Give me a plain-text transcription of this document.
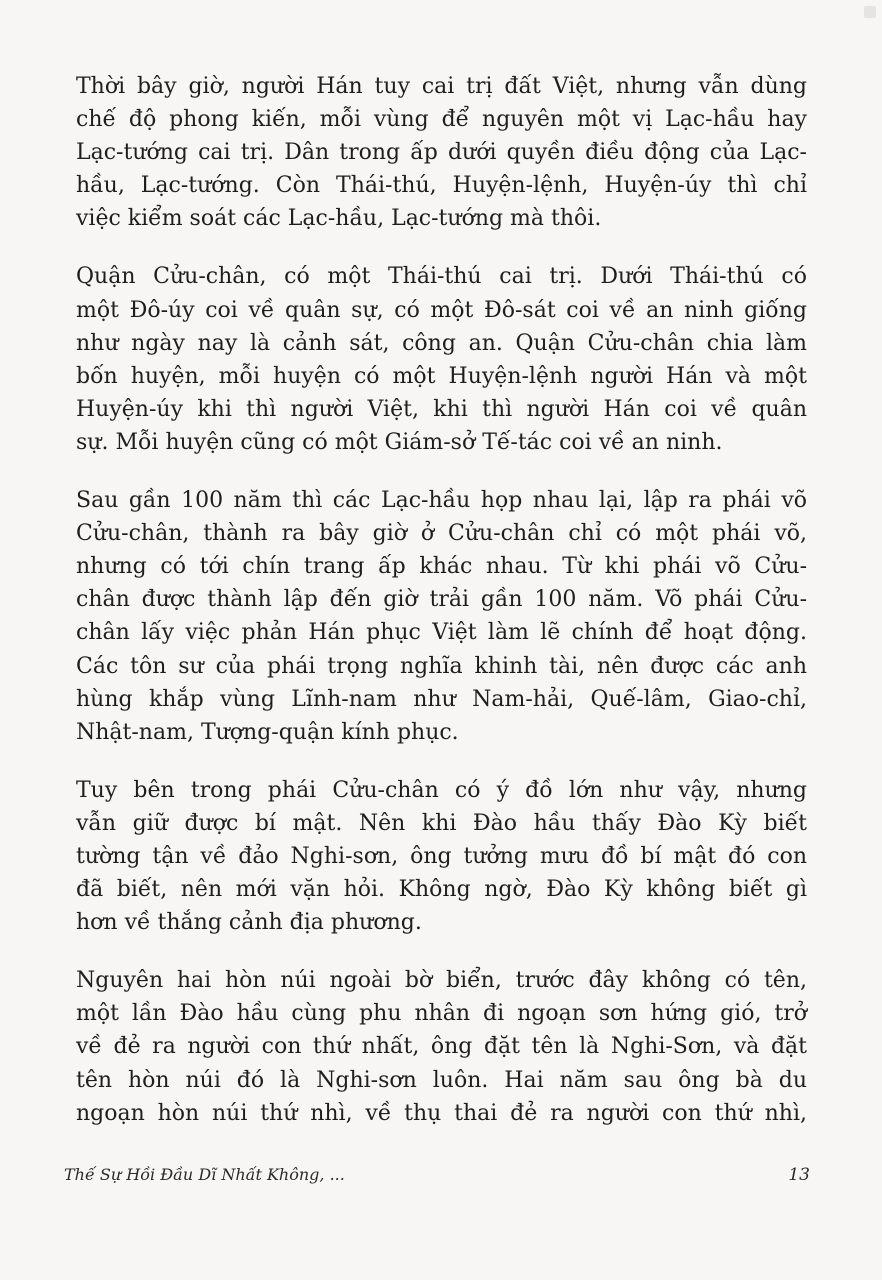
Thời bây giờ, người Hán tuy cai trị đất Việt, nhưng vẫn dùng
chế độ phong kiến, mỗi vùng để nguyên một vị Lạc-hầu hay
Lạc-tướng cai trị. Dân trong ấp dưới quyền điều động của Lạc-
hầu, Lạc-tướng. Còn Thái-thú, Huyện-lệnh, Huyện-úy thì chỉ
việc kiểm soát các Lạc-hầu, Lạc-tướng mà thôi.
Quận Cửu-chân, có một Thái-thú cai trị. Dưới Thái-thú có
một Đô-úy coi về quân sự, có một Đô-sát coi về an ninh giống
như ngày nay là cảnh sát, công an. Quận Cửu-chân chia làm
bốn huyện, mỗi huyện có một Huyện-lệnh người Hán và một
Huyện-úy khi thì người Việt, khi thì người Hán coi về quân
sự. Mỗi huyện cũng có một Giám-sở Tế-tác coi về an ninh.
Sau gần 100 năm thì các Lạc-hầu họp nhau lại, lập ra phái võ
Cửu-chân, thành ra bây giờ ở Cửu-chân chỉ có một phái võ,
nhưng có tới chín trang ấp khác nhau. Từ khi phái võ Cửu-
chân được thành lập đến giờ trải gần 100 năm. Võ phái Cửu-
chân lấy việc phản Hán phục Việt làm lẽ chính để hoạt động.
Các tôn sư của phái trọng nghĩa khinh tài, nên được các anh
hùng khắp vùng Lĩnh-nam như Nam-hải, Quế-lâm, Giao-chỉ,
Nhật-nam, Tượng-quận kính phục.
Tuy bên trong phái Cửu-chân có ý đồ lớn như vậy, nhưng
vẫn giữ được bí mật. Nên khi Đào hầu thấy Đào Kỳ biết
tường tận về đảo Nghi-sơn, ông tưởng mưu đồ bí mật đó con
đã biết, nên mới vặn hỏi. Không ngờ, Đào Kỳ không biết gì
hơn về thắng cảnh địa phương.
Nguyên hai hòn núi ngoài bờ biển, trước đây không có tên,
một lần Đào hầu cùng phu nhân đi ngoạn sơn hứng gió, trở
về đẻ ra người con thứ nhất, ông đặt tên là Nghi-Sơn, và đặt
tên hòn núi đó là Nghi-sơn luôn. Hai năm sau ông bà du
ngoạn hòn núi thứ nhì, về thụ thai đẻ ra người con thứ nhì,
Thế Sự Hồi Đầu Dĩ Nhất Không, ...	13
